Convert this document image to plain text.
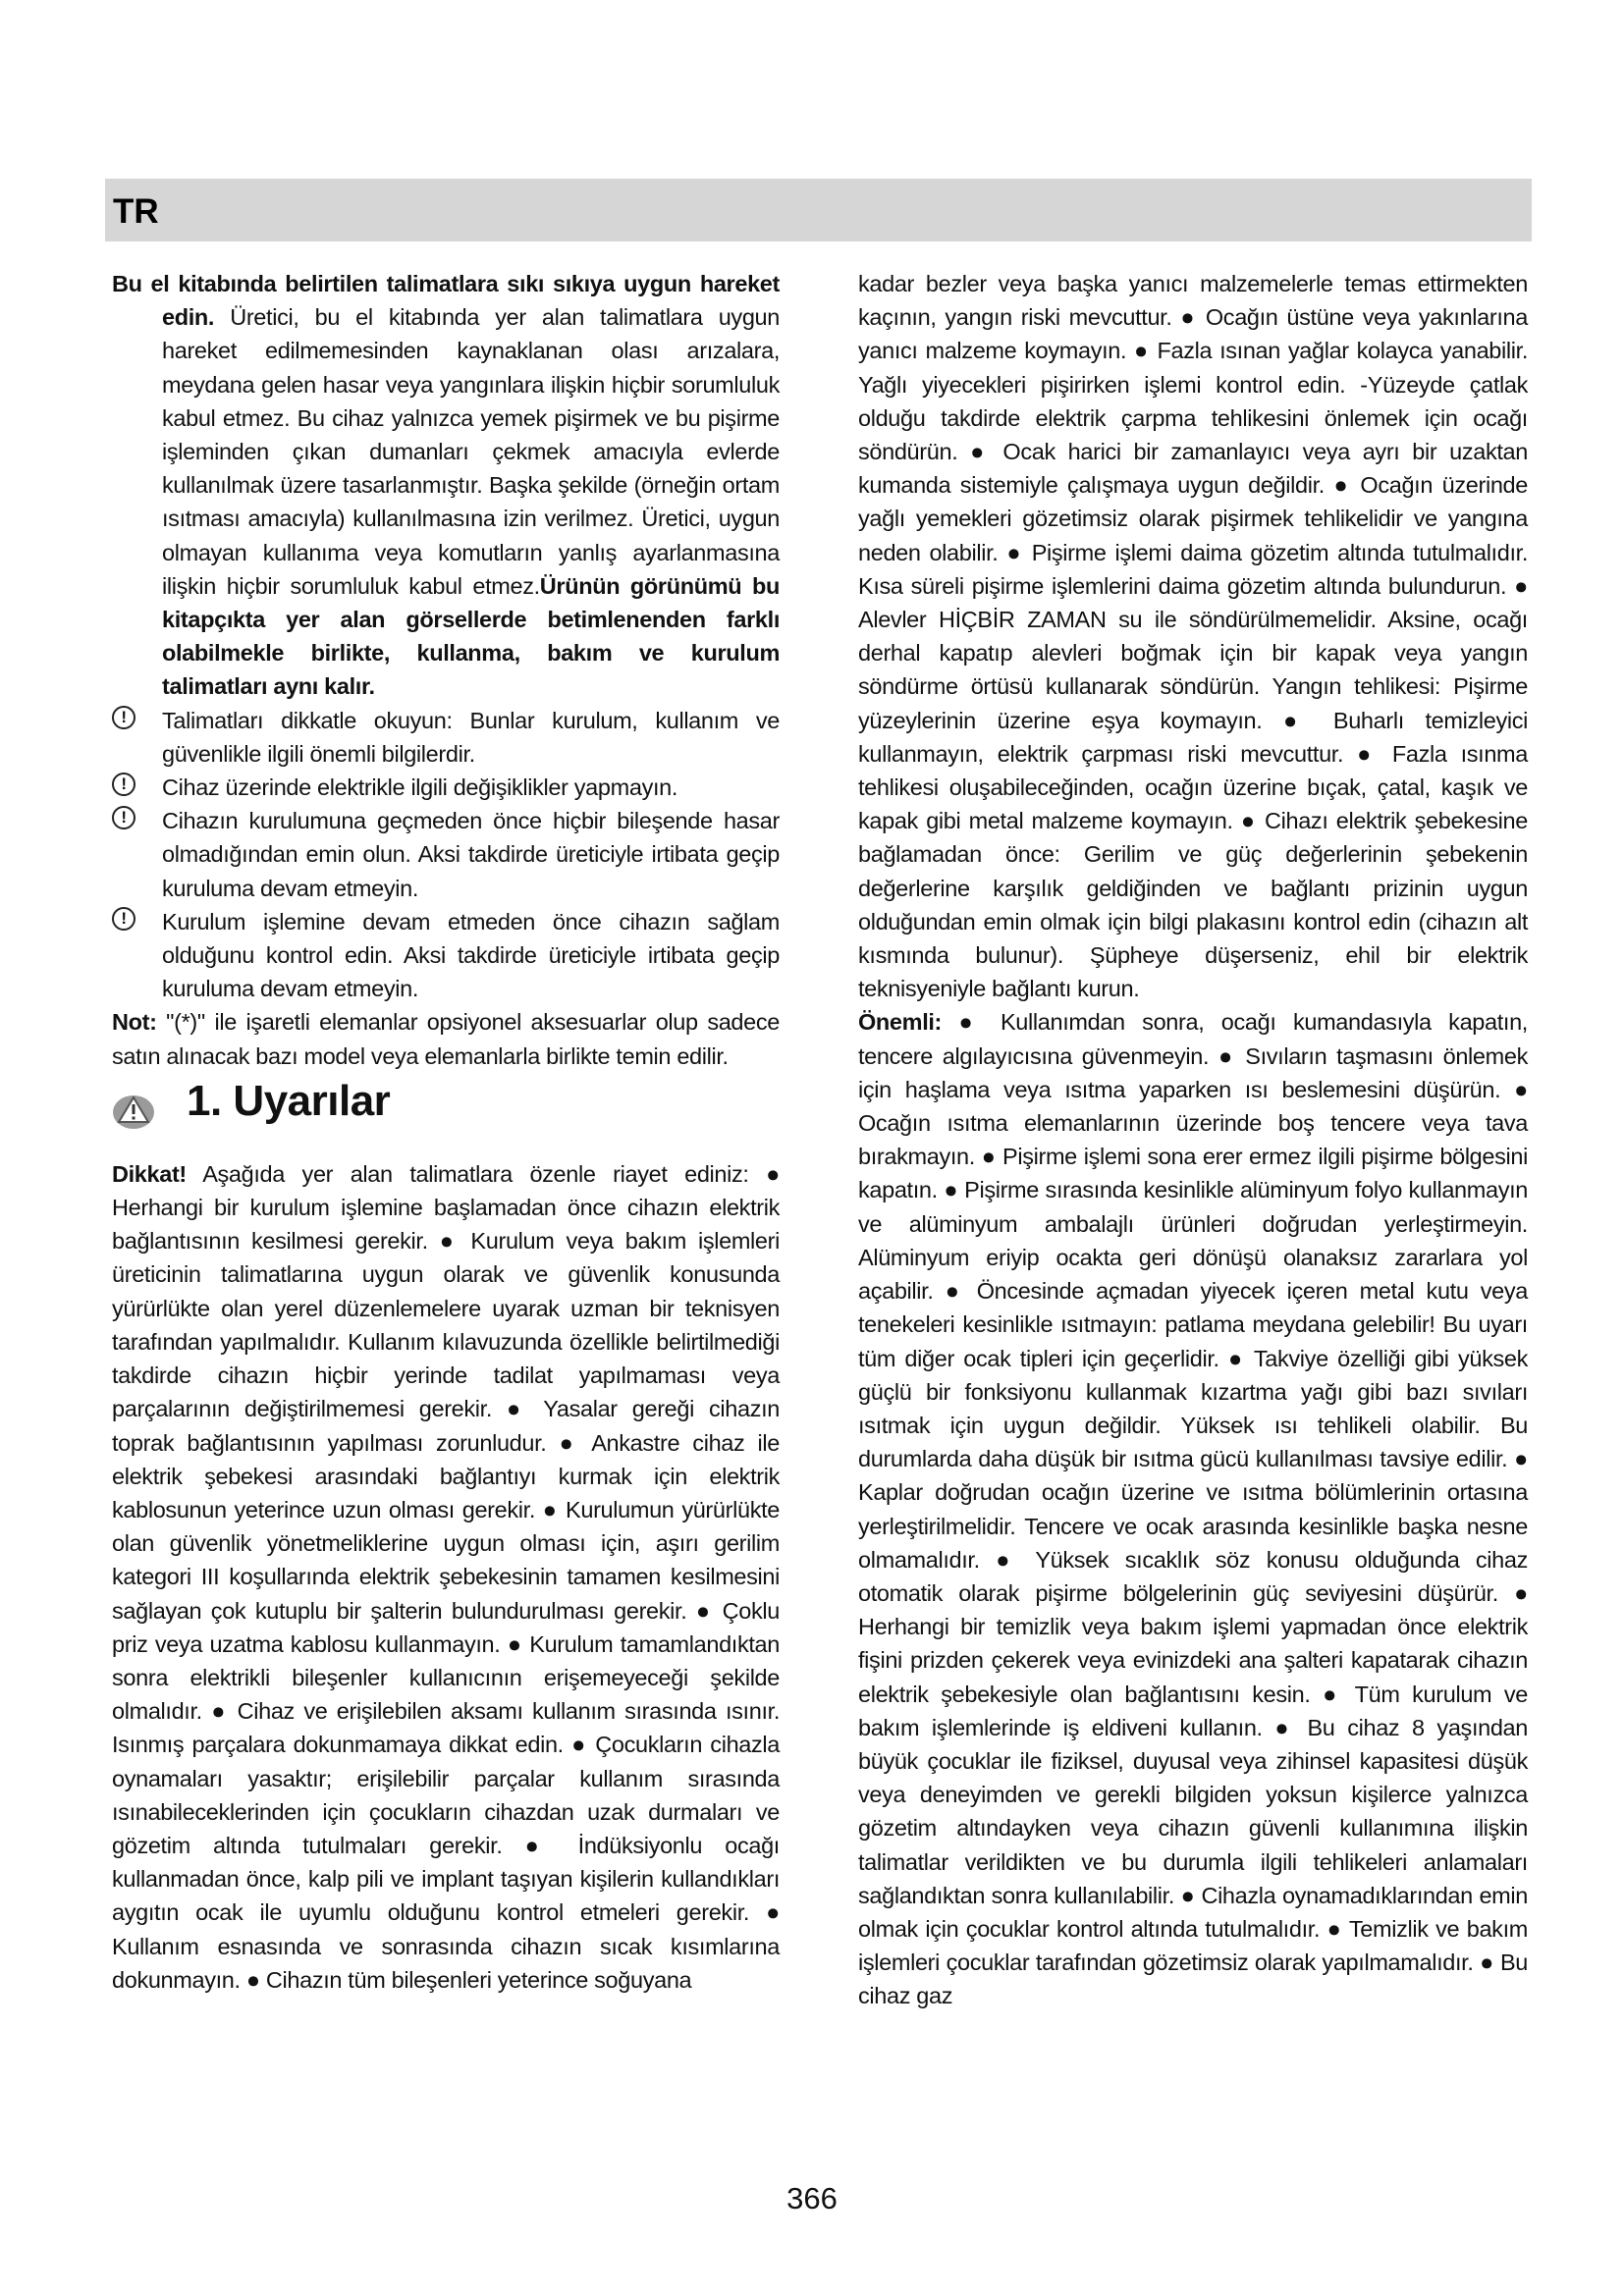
TR

Bu el kitabında belirtilen talimatlara sıkı sıkıya uygun hareket edin. Üretici, bu el kitabında yer alan talimatlara uygun hareket edilmemesinden kaynaklanan olası arızalara, meydana gelen hasar veya yangınlara ilişkin hiçbir sorumluluk kabul etmez. Bu cihaz yalnızca yemek pişirmek ve bu pişirme işleminden çıkan dumanları çekmek amacıyla evlerde kullanılmak üzere tasarlanmıştır. Başka şekilde (örneğin ortam ısıtması amacıyla) kullanılmasına izin verilmez. Üretici, uygun olmayan kullanıma veya komutların yanlış ayarlanmasına ilişkin hiçbir sorumluluk kabul etmez.Ürünün görünümü bu kitapçıkta yer alan görsellerde betimlenenden farklı olabilmekle birlikte, kullanma, bakım ve kurulum talimatları aynı kalır.

!	Talimatları dikkatle okuyun: Bunlar kurulum, kullanım ve güvenlikle ilgili önemli bilgilerdir.

!	Cihaz üzerinde elektrikle ilgili değişiklikler yapmayın.

!	Cihazın kurulumuna geçmeden önce hiçbir bileşende hasar olmadığından emin olun. Aksi takdirde üreticiyle irtibata geçip kuruluma devam etmeyin.

!	Kurulum işlemine devam etmeden önce cihazın sağlam olduğunu kontrol edin. Aksi takdirde üreticiyle irtibata geçip kuruluma devam etmeyin.

Not: "(*)" ile işaretli elemanlar opsiyonel aksesuarlar olup sadece satın alınacak bazı model veya elemanlarla birlikte temin edilir.

1. Uyarılar

Dikkat! Aşağıda yer alan talimatlara özenle riayet ediniz: ● Herhangi bir kurulum işlemine başlamadan önce cihazın elektrik bağlantısının kesilmesi gerekir. ● Kurulum veya bakım işlemleri üreticinin talimatlarına uygun olarak ve güvenlik konusunda yürürlükte olan yerel düzenlemelere uyarak uzman bir teknisyen tarafından yapılmalıdır. Kullanım kılavuzunda özellikle belirtilmediği takdirde cihazın hiçbir yerinde tadilat yapılmaması veya parçalarının değiştirilmemesi gerekir. ● Yasalar gereği cihazın toprak bağlantısının yapılması zorunludur. ● Ankastre cihaz ile elektrik şebekesi arasındaki bağlantıyı kurmak için elektrik kablosunun yeterince uzun olması gerekir. ● Kurulumun yürürlükte olan güvenlik yönetmeliklerine uygun olması için, aşırı gerilim kategori III koşullarında elektrik şebekesinin tamamen kesilmesini sağlayan çok kutuplu bir şalterin bulundurulması gerekir. ● Çoklu priz veya uzatma kablosu kullanmayın. ● Kurulum tamamlandıktan sonra elektrikli bileşenler kullanıcının erişemeyeceği şekilde olmalıdır. ● Cihaz ve erişilebilen aksamı kullanım sırasında ısınır. Isınmış parçalara dokunmamaya dikkat edin. ● Çocukların cihazla oynamaları yasaktır; erişilebilir parçalar kullanım sırasında ısınabileceklerinden için çocukların cihazdan uzak durmaları ve gözetim altında tutulmaları gerekir. ● İndüksiyonlu ocağı kullanmadan önce, kalp pili ve implant taşıyan kişilerin kullandıkları aygıtın ocak ile uyumlu olduğunu kontrol etmeleri gerekir. ● Kullanım esnasında ve sonrasında cihazın sıcak kısımlarına dokunmayın. ● Cihazın tüm bileşenleri yeterince soğuyana

kadar bezler veya başka yanıcı malzemelerle temas ettirmekten kaçının, yangın riski mevcuttur. ● Ocağın üstüne veya yakınlarına yanıcı malzeme koymayın. ● Fazla ısınan yağlar kolayca yanabilir. Yağlı yiyecekleri pişirirken işlemi kontrol edin. -Yüzeyde çatlak olduğu takdirde elektrik çarpma tehlikesini önlemek için ocağı söndürün. ● Ocak harici bir zamanlayıcı veya ayrı bir uzaktan kumanda sistemiyle çalışmaya uygun değildir. ● Ocağın üzerinde yağlı yemekleri gözetimsiz olarak pişirmek tehlikelidir ve yangına neden olabilir. ● Pişirme işlemi daima gözetim altında tutulmalıdır. Kısa süreli pişirme işlemlerini daima gözetim altında bulundurun. ● Alevler HİÇBİR ZAMAN su ile söndürülmemelidir. Aksine, ocağı derhal kapatıp alevleri boğmak için bir kapak veya yangın söndürme örtüsü kullanarak söndürün. Yangın tehlikesi: Pişirme yüzeylerinin üzerine eşya koymayın. ● Buharlı temizleyici kullanmayın, elektrik çarpması riski mevcuttur. ● Fazla ısınma tehlikesi oluşabileceğinden, ocağın üzerine bıçak, çatal, kaşık ve kapak gibi metal malzeme koymayın. ● Cihazı elektrik şebekesine bağlamadan önce: Gerilim ve güç değerlerinin şebekenin değerlerine karşılık geldiğinden ve bağlantı prizinin uygun olduğundan emin olmak için bilgi plakasını kontrol edin (cihazın alt kısmında bulunur). Şüpheye düşerseniz, ehil bir elektrik teknisyeniyle bağlantı kurun.

Önemli: ● Kullanımdan sonra, ocağı kumandasıyla kapatın, tencere algılayıcısına güvenmeyin. ● Sıvıların taşmasını önlemek için haşlama veya ısıtma yaparken ısı beslemesini düşürün. ● Ocağın ısıtma elemanlarının üzerinde boş tencere veya tava bırakmayın. ● Pişirme işlemi sona erer ermez ilgili pişirme bölgesini kapatın. ● Pişirme sırasında kesinlikle alüminyum folyo kullanmayın ve alüminyum ambalajlı ürünleri doğrudan yerleştirmeyin. Alüminyum eriyip ocakta geri dönüşü olanaksız zararlara yol açabilir. ● Öncesinde açmadan yiyecek içeren metal kutu veya tenekeleri kesinlikle ısıtmayın: patlama meydana gelebilir! Bu uyarı tüm diğer ocak tipleri için geçerlidir. ● Takviye özelliği gibi yüksek güçlü bir fonksiyonu kullanmak kızartma yağı gibi bazı sıvıları ısıtmak için uygun değildir. Yüksek ısı tehlikeli olabilir. Bu durumlarda daha düşük bir ısıtma gücü kullanılması tavsiye edilir. ● Kaplar doğrudan ocağın üzerine ve ısıtma bölümlerinin ortasına yerleştirilmelidir. Tencere ve ocak arasında kesinlikle başka nesne olmamalıdır. ● Yüksek sıcaklık söz konusu olduğunda cihaz otomatik olarak pişirme bölgelerinin güç seviyesini düşürür. ● Herhangi bir temizlik veya bakım işlemi yapmadan önce elektrik fişini prizden çekerek veya evinizdeki ana şalteri kapatarak cihazın elektrik şebekesiyle olan bağlantısını kesin. ● Tüm kurulum ve bakım işlemlerinde iş eldiveni kullanın. ● Bu cihaz 8 yaşından büyük çocuklar ile fiziksel, duyusal veya zihinsel kapasitesi düşük veya deneyimden ve gerekli bilgiden yoksun kişilerce yalnızca gözetim altındayken veya cihazın güvenli kullanımına ilişkin talimatlar verildikten ve bu durumla ilgili tehlikeleri anlamaları sağlandıktan sonra kullanılabilir. ● Cihazla oynamadıklarından emin olmak için çocuklar kontrol altında tutulmalıdır. ● Temizlik ve bakım işlemleri çocuklar tarafından gözetimsiz olarak yapılmamalıdır. ● Bu cihaz gaz

366
